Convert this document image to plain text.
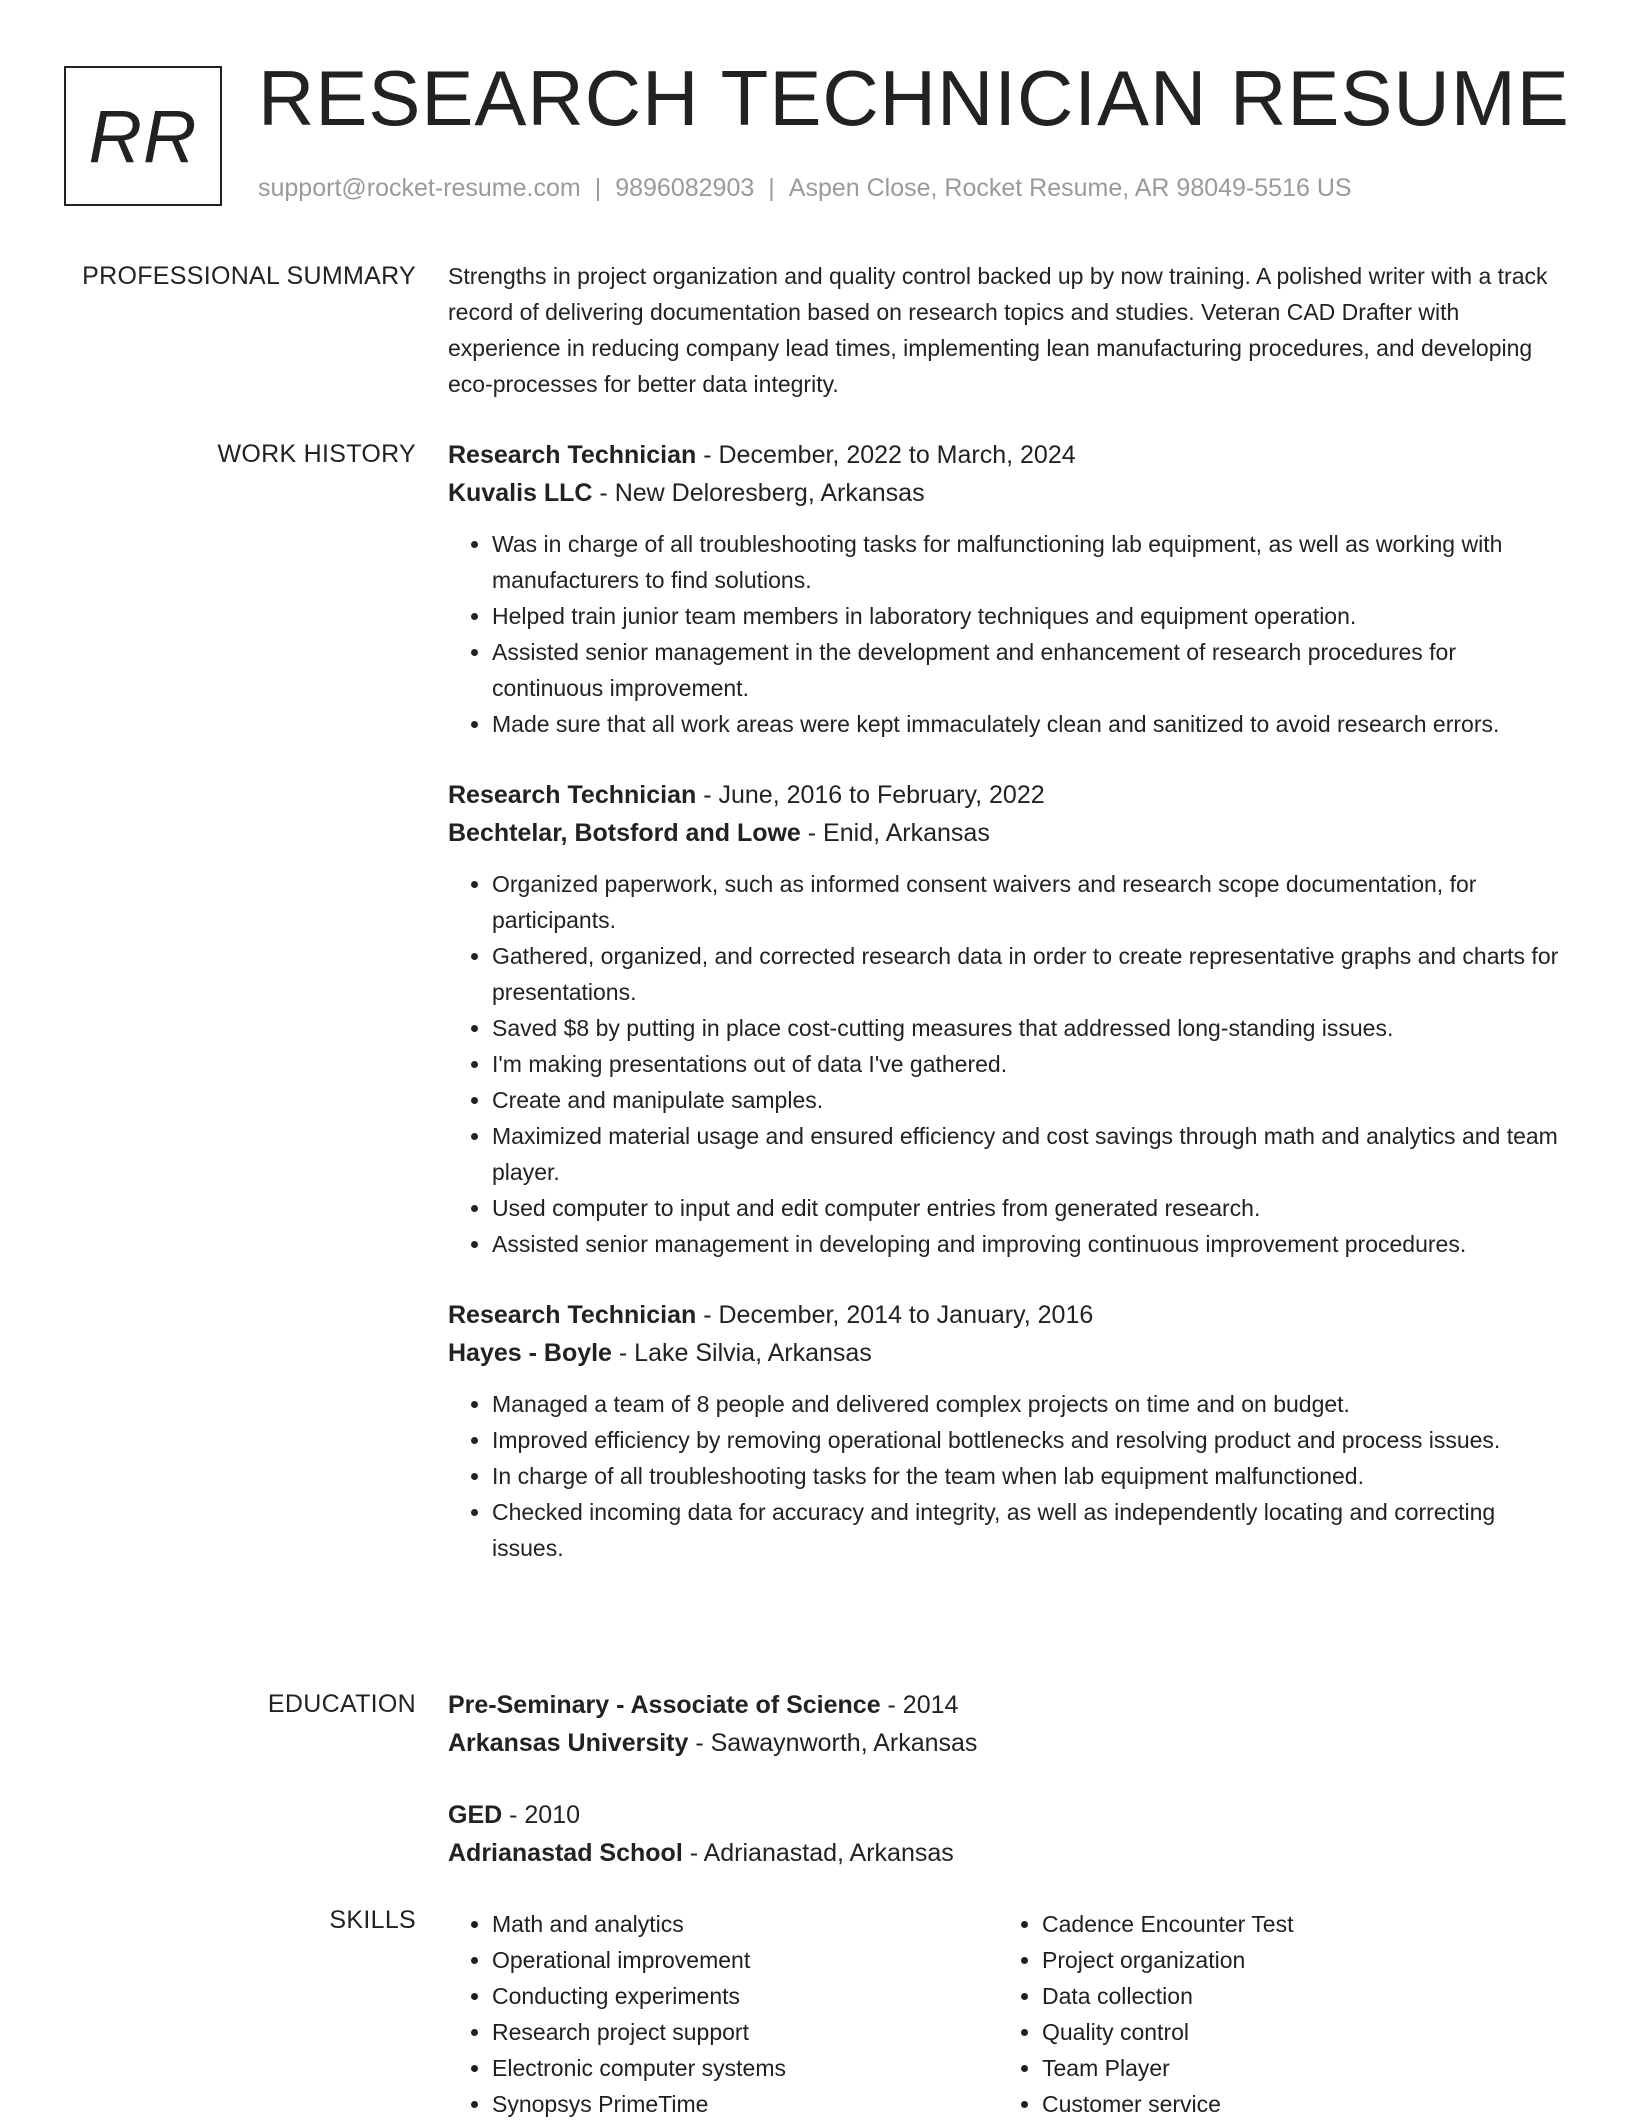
RR RESEARCH TECHNICIAN RESUME
support@rocket-resume.com | 9896082903 | Aspen Close, Rocket Resume, AR 98049-5516 US
PROFESSIONAL SUMMARY Strengths in project organization and quality control backed up by now training. A polished writer with a track record of delivering documentation based on research topics and studies. Veteran CAD Drafter with experience in reducing company lead times, implementing lean manufacturing procedures, and developing eco-processes for better data integrity.
WORK HISTORY Research Technician - December, 2022 to March, 2024
Kuvalis LLC - New Deloresberg, Arkansas
• Was in charge of all troubleshooting tasks for malfunctioning lab equipment, as well as working with manufacturers to find solutions.
• Helped train junior team members in laboratory techniques and equipment operation.
• Assisted senior management in the development and enhancement of research procedures for continuous improvement.
• Made sure that all work areas were kept immaculately clean and sanitized to avoid research errors.
Research Technician - June, 2016 to February, 2022
Bechtelar, Botsford and Lowe - Enid, Arkansas
• Organized paperwork, such as informed consent waivers and research scope documentation, for participants.
• Gathered, organized, and corrected research data in order to create representative graphs and charts for presentations.
• Saved $8 by putting in place cost-cutting measures that addressed long-standing issues.
• I'm making presentations out of data I've gathered.
• Create and manipulate samples.
• Maximized material usage and ensured efficiency and cost savings through math and analytics and team player.
• Used computer to input and edit computer entries from generated research.
• Assisted senior management in developing and improving continuous improvement procedures.
Research Technician - December, 2014 to January, 2016
Hayes - Boyle - Lake Silvia, Arkansas
• Managed a team of 8 people and delivered complex projects on time and on budget.
• Improved efficiency by removing operational bottlenecks and resolving product and process issues.
• In charge of all troubleshooting tasks for the team when lab equipment malfunctioned.
• Checked incoming data for accuracy and integrity, as well as independently locating and correcting issues.
EDUCATION Pre-Seminary - Associate of Science - 2014
Arkansas University - Sawaynworth, Arkansas
GED - 2010
Adrianastad School - Adrianastad, Arkansas
SKILLS
•	Math and analytics
• Operational improvement
• Conducting experiments
• Research project support
• Electronic computer systems
• Synopsys PrimeTime
• Cadence Encounter Test
• Project organization
• Data collection
• Quality control
• Team Player
• Customer service
